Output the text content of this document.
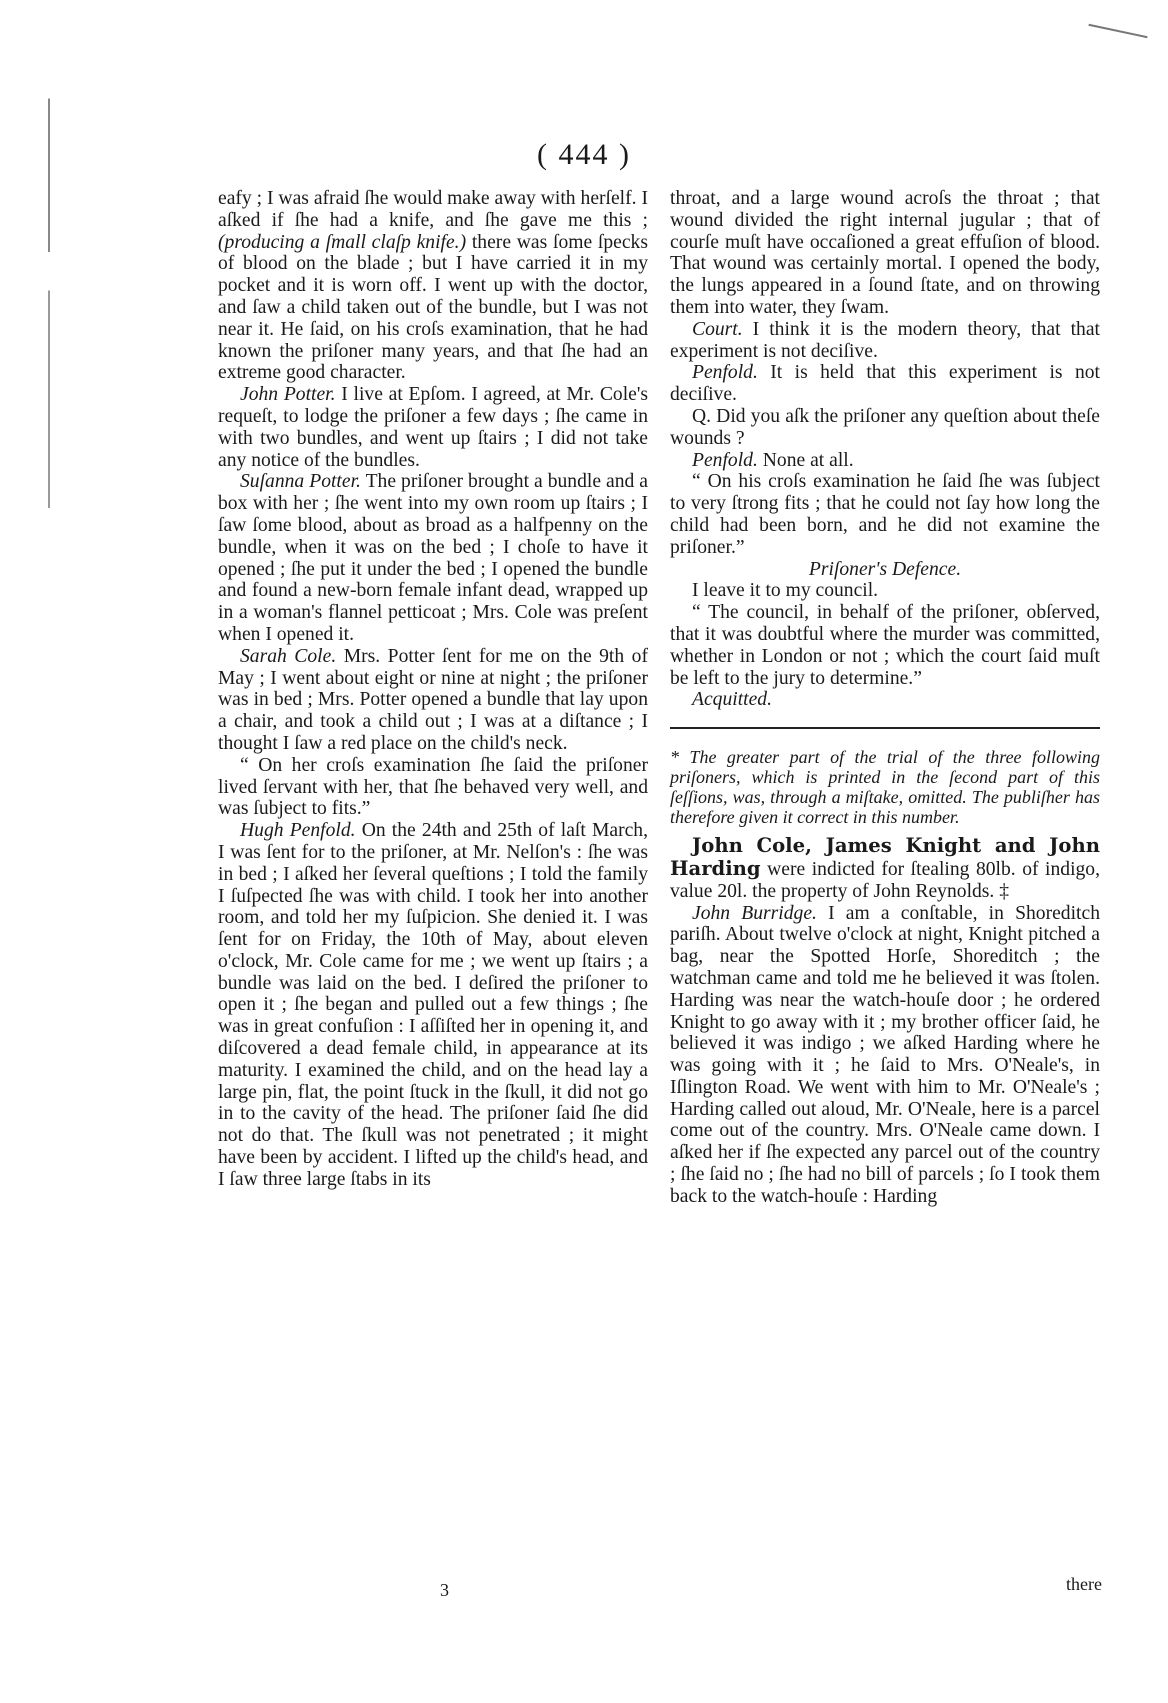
( 444 )

eafy ; I was afraid ſhe would make away with herſelf. I aſked if ſhe had a knife, and ſhe gave me this ; (producing a ſmall claſp knife.) there was ſome ſpecks of blood on the blade ; but I have carried it in my pocket and it is worn off. I went up with the doctor, and ſaw a child taken out of the bundle, but I was not near it. He ſaid, on his croſs examination, that he had known the priſoner many years, and that ſhe had an extreme good character.

John Potter. I live at Epſom. I agreed, at Mr. Cole's requeſt, to lodge the priſoner a few days ; ſhe came in with two bundles, and went up ſtairs ; I did not take any notice of the bundles.

Suſanna Potter. The priſoner brought a bundle and a box with her ; ſhe went into my own room up ſtairs ; I ſaw ſome blood, about as broad as a halfpenny on the bundle, when it was on the bed ; I choſe to have it opened ; ſhe put it under the bed ; I opened the bundle and found a new-born female infant dead, wrapped up in a woman's flannel petticoat ; Mrs. Cole was preſent when I opened it.

Sarah Cole. Mrs. Potter ſent for me on the 9th of May ; I went about eight or nine at night ; the priſoner was in bed ; Mrs. Potter opened a bundle that lay upon a chair, and took a child out ; I was at a diſtance ; I thought I ſaw a red place on the child's neck.

“ On her croſs examination ſhe ſaid the priſoner lived ſervant with her, that ſhe behaved very well, and was ſubject to fits.”

Hugh Penfold. On the 24th and 25th of laſt March, I was ſent for to the priſoner, at Mr. Nelſon's : ſhe was in bed ; I aſked her ſeveral queſtions ; I told the family I ſuſpected ſhe was with child. I took her into another room, and told her my ſuſpicion. She denied it. I was ſent for on Friday, the 10th of May, about eleven o'clock, Mr. Cole came for me ; we went up ſtairs ; a bundle was laid on the bed. I deſired the priſoner to open it ; ſhe began and pulled out a few things ; ſhe was in great confuſion : I aſſiſted her in opening it, and diſcovered a dead female child, in appearance at its maturity. I examined the child, and on the head lay a large pin, flat, the point ſtuck in the ſkull, it did not go in to the cavity of the head. The priſoner ſaid ſhe did not do that. The ſkull was not penetrated ; it might have been by accident. I lifted up the child's head, and I ſaw three large ſtabs in its

throat, and a large wound acroſs the throat ; that wound divided the right internal jugular ; that of courſe muſt have occaſioned a great effuſion of blood. That wound was certainly mortal. I opened the body, the lungs appeared in a ſound ſtate, and on throwing them into water, they ſwam.

Court. I think it is the modern theory, that that experiment is not deciſive.

Penfold. It is held that this experiment is not deciſive.

Q. Did you aſk the priſoner any queſtion about theſe wounds ?

Penfold. None at all.

“ On his croſs examination he ſaid ſhe was ſubject to very ſtrong fits ; that he could not ſay how long the child had been born, and he did not examine the priſoner.”

Priſoner's Defence.

I leave it to my council.

“ The council, in behalf of the priſoner, obſerved, that it was doubtful where the murder was committed, whether in London or not ; which the court ſaid muſt be left to the jury to determine.”

Acquitted.

* The greater part of the trial of the three following priſoners, which is printed in the ſecond part of this ſeſſions, was, through a miſtake, omitted. The publiſher has therefore given it correct in this number.

John Cole, James Knight and John Harding were indicted for ſtealing 80lb. of indigo, value 20l. the property of John Reynolds. ‡

John Burridge. I am a conſtable, in Shoreditch pariſh. About twelve o'clock at night, Knight pitched a bag, near the Spotted Horſe, Shoreditch ; the watchman came and told me he believed it was ſtolen. Harding was near the watch-houſe door ; he ordered Knight to go away with it ; my brother officer ſaid, he believed it was indigo ; we aſked Harding where he was going with it ; he ſaid to Mrs. O'Neale's, in Iſlington Road. We went with him to Mr. O'Neale's ; Harding called out aloud, Mr. O'Neale, here is a parcel come out of the country. Mrs. O'Neale came down. I aſked her if ſhe expected any parcel out of the country ; ſhe ſaid no ; ſhe had no bill of parcels ; ſo I took them back to the watch-houſe : Harding

3	there
